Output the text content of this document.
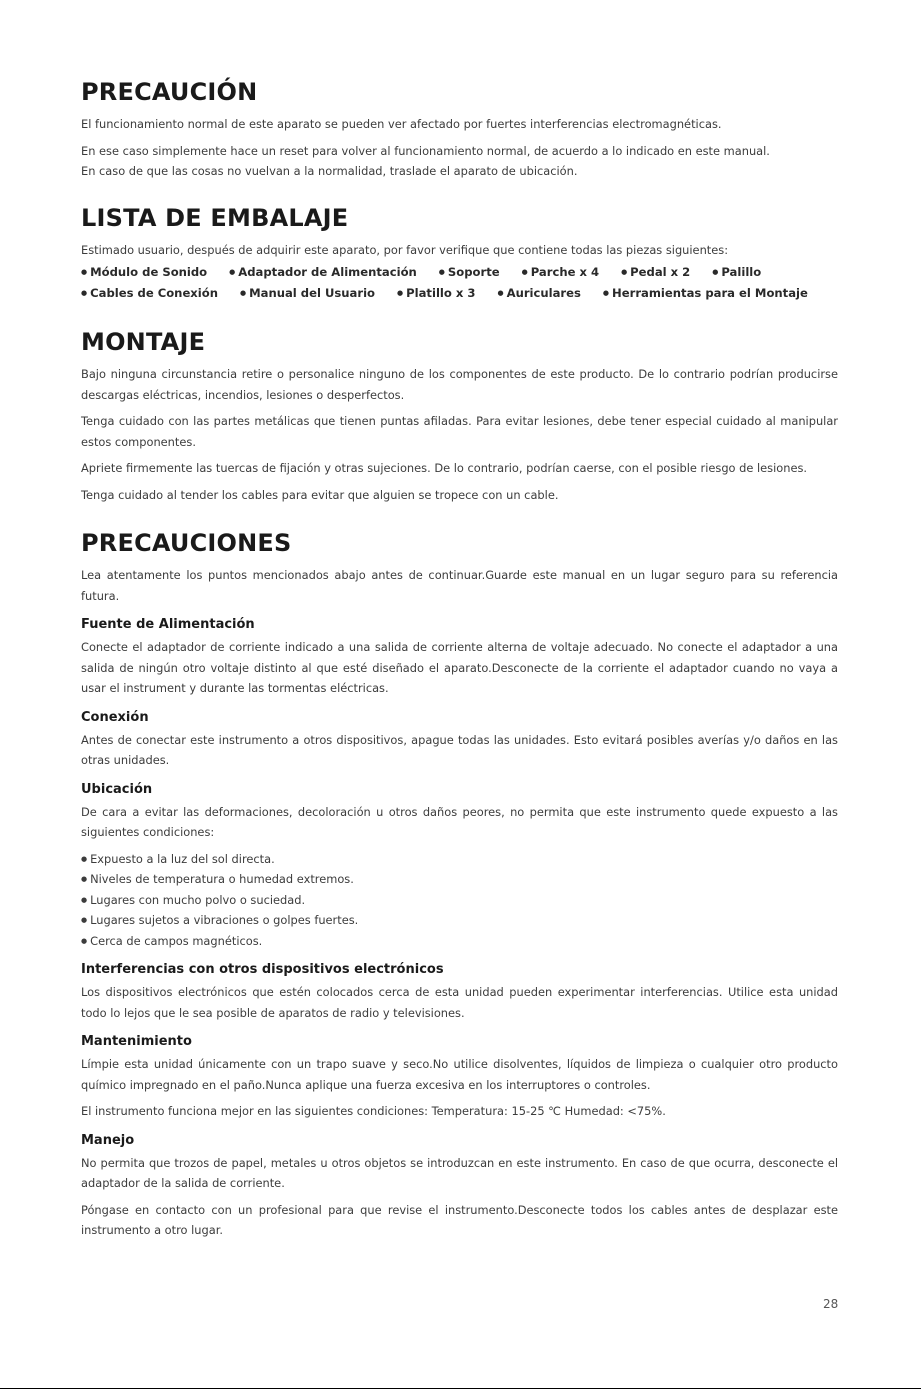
PRECAUCIÓN
El funcionamiento normal de este aparato se pueden ver afectado por fuertes interferencias electromagnéticas.
En ese caso simplemente hace un reset para volver al funcionamiento normal, de acuerdo a lo indicado en este manual.
En caso de que las cosas no vuelvan a la normalidad, traslade el aparato de ubicación.
LISTA DE EMBALAJE
Estimado usuario, después de adquirir este aparato, por favor verifique que contiene todas las piezas siguientes:
● Módulo de Sonido	● Adaptador de Alimentación	● Soporte	● Parche x 4	● Pedal x 2	● Palillo
● Cables de Conexión	● Manual del Usuario	● Platillo x 3	● Auriculares	● Herramientas para el Montaje
MONTAJE
Bajo ninguna circunstancia retire o personalice ninguno de los componentes de este producto. De lo contrario podrían producirse descargas eléctricas, incendios, lesiones o desperfectos.
Tenga cuidado con las partes metálicas que tienen puntas afiladas. Para evitar lesiones, debe tener especial cuidado al manipular estos componentes.
Apriete firmemente las tuercas de fijación y otras sujeciones. De lo contrario, podrían caerse, con el posible riesgo de lesiones.
Tenga cuidado al tender los cables para evitar que alguien se tropece con un cable.
PRECAUCIONES
Lea atentamente los puntos mencionados abajo antes de continuar.Guarde este manual en un lugar seguro para su referencia futura.
Fuente de Alimentación
Conecte el adaptador de corriente indicado a una salida de corriente alterna de voltaje adecuado. No conecte el adaptador a una salida de ningún otro voltaje distinto al que esté diseñado el aparato.Desconecte de la corriente el adaptador cuando no vaya a usar el instrument y durante las tormentas eléctricas.
Conexión
Antes de conectar este instrumento a otros dispositivos, apague todas las unidades. Esto evitará posibles averías y/o daños en las otras unidades.
Ubicación
De cara a evitar las deformaciones, decoloración u otros daños peores, no permita que este instrumento quede expuesto a las siguientes condiciones:
● Expuesto a la luz del sol directa.
● Niveles de temperatura o humedad extremos.
● Lugares con mucho polvo o suciedad.
● Lugares sujetos a vibraciones o golpes fuertes.
● Cerca de campos magnéticos.
Interferencias con otros dispositivos electrónicos
Los dispositivos electrónicos que estén colocados cerca de esta unidad pueden experimentar interferencias. Utilice esta unidad todo lo lejos que le sea posible de aparatos de radio y televisiones.
Mantenimiento
Límpie esta unidad únicamente con un trapo suave y seco.No utilice disolventes, líquidos de limpieza o cualquier otro producto químico impregnado en el paño.Nunca aplique una fuerza excesiva en los interruptores o controles.
El instrumento funciona mejor en las siguientes condiciones: Temperatura: 15-25 ℃ Humedad: <75%.
Manejo
No permita que trozos de papel, metales u otros objetos se introduzcan en este instrumento. En caso de que ocurra, desconecte el adaptador de la salida de corriente.
Póngase en contacto con un profesional para que revise el instrumento.Desconecte todos los cables antes de desplazar este instrumento a otro lugar.
28
